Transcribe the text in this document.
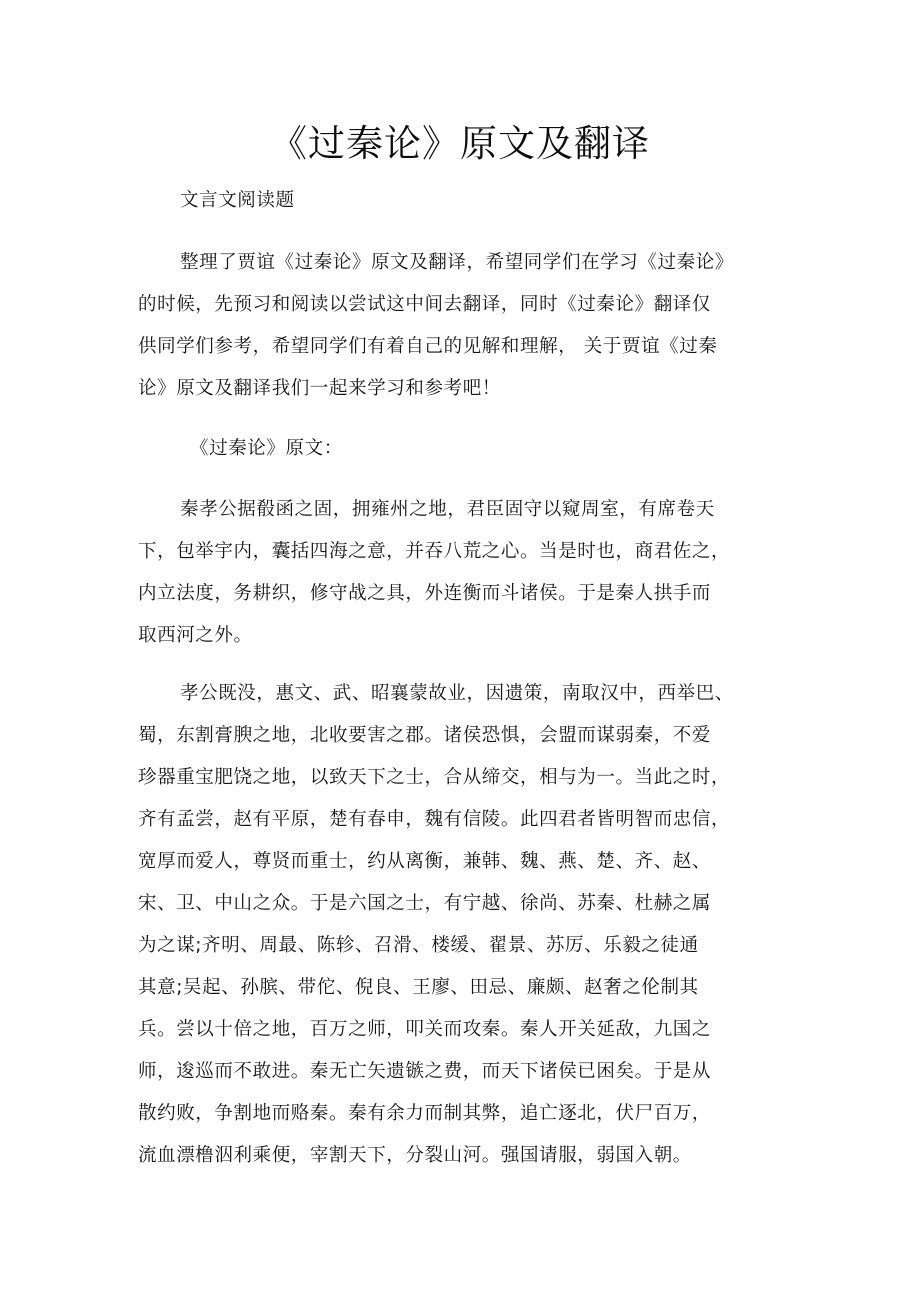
《过秦论》原文及翻译
文言文阅读题
整理了贾谊《过秦论》原文及翻译，希望同学们在学习《过秦论》
的时候，先预习和阅读以尝试这中间去翻译，同时《过秦论》翻译仅
供同学们参考，希望同学们有着自己的见解和理解， 关于贾谊《过秦
论》原文及翻译我们一起来学习和参考吧！
《过秦论》原文：
秦孝公据殽函之固，拥雍州之地，君臣固守以窥周室，有席卷天
下，包举宇内，囊括四海之意，并吞八荒之心。当是时也，商君佐之，
内立法度，务耕织，修守战之具，外连衡而斗诸侯。于是秦人拱手而
取西河之外。
孝公既没，惠文、武、昭襄蒙故业，因遗策，南取汉中，西举巴、
蜀，东割膏腴之地，北收要害之郡。诸侯恐惧，会盟而谋弱秦，不爱
珍器重宝肥饶之地，以致天下之士，合从缔交，相与为一。当此之时，
齐有孟尝，赵有平原，楚有春申，魏有信陵。此四君者皆明智而忠信，
宽厚而爱人，尊贤而重士，约从离衡，兼韩、魏、燕、楚、齐、赵、
宋、卫、中山之众。于是六国之士，有宁越、徐尚、苏秦、杜赫之属
为之谋;齐明、周最、陈轸、召滑、楼缓、翟景、苏厉、乐毅之徒通
其意;吴起、孙膑、带佗、倪良、王廖、田忌、廉颇、赵奢之伦制其
兵。尝以十倍之地，百万之师，叩关而攻秦。秦人开关延敌，九国之
师，逡巡而不敢进。秦无亡矢遗镞之费，而天下诸侯已困矣。于是从
散约败，争割地而赂秦。秦有余力而制其弊，追亡逐北，伏尸百万，
流血漂橹泅利乘便，宰割天下，分裂山河。强国请服，弱国入朝。
